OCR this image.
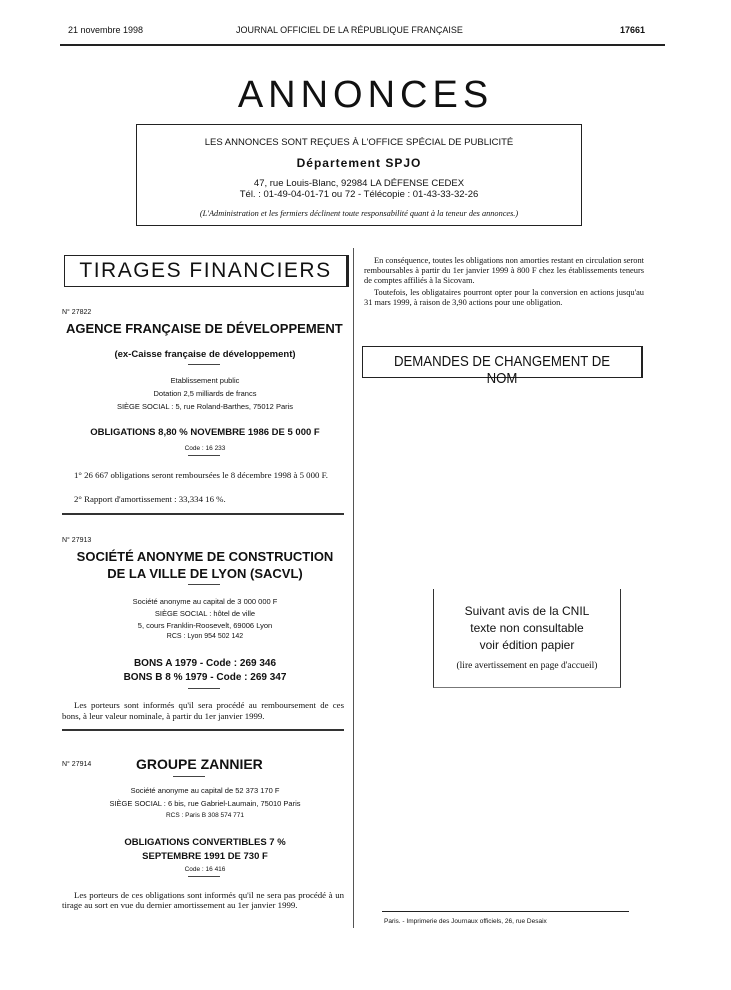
21 novembre 1998	JOURNAL OFFICIEL DE LA RÉPUBLIQUE FRANÇAISE	17661
ANNONCES
LES ANNONCES SONT REÇUES À L'OFFICE SPÉCIAL DE PUBLICITÉ
Département SPJO
47, rue Louis-Blanc, 92984 LA DÉFENSE CEDEX
Tél. : 01-49-04-01-71 ou 72 - Télécopie : 01-43-33-32-26
(L'Administration et les fermiers déclinent toute responsabilité quant à la teneur des annonces.)
TIRAGES FINANCIERS
N° 27822
AGENCE FRANÇAISE DE DÉVELOPPEMENT
(ex-Caisse française de développement)
Etablissement public
Dotation 2,5 milliards de francs
SIÈGE SOCIAL : 5, rue Roland-Barthes, 75012 Paris
OBLIGATIONS 8,80 % NOVEMBRE 1986 DE 5 000 F
Code : 16 233
1° 26 667 obligations seront remboursées le 8 décembre 1998 à 5 000 F.
2° Rapport d'amortissement : 33,334 16 %.
N° 27913
SOCIÉTÉ ANONYME DE CONSTRUCTION
DE LA VILLE DE LYON (SACVL)
Société anonyme au capital de 3 000 000 F
SIÈGE SOCIAL : hôtel de ville
5, cours Franklin-Roosevelt, 69006 Lyon
RCS : Lyon 954 502 142
BONS A 1979 - Code : 269 346
BONS B 8 % 1979 - Code : 269 347
Les porteurs sont informés qu'il sera procédé au remboursement de ces bons, à leur valeur nominale, à partir du 1er janvier 1999.
N° 27914	GROUPE ZANNIER
Société anonyme au capital de 52 373 170 F
SIÈGE SOCIAL : 6 bis, rue Gabriel-Laumain, 75010 Paris
RCS : Paris B 308 574 771
OBLIGATIONS CONVERTIBLES 7 %
SEPTEMBRE 1991 DE 730 F
Code : 16 416
Les porteurs de ces obligations sont informés qu'il ne sera pas procédé à un tirage au sort en vue du dernier amortissement au 1er janvier 1999.
En conséquence, toutes les obligations non amorties restant en circulation seront remboursables à partir du 1er janvier 1999 à 800 F chez les établissements teneurs de comptes affiliés à la Sicovam.
Toutefois, les obligataires pourront opter pour la conversion en actions jusqu'au 31 mars 1999, à raison de 3,90 actions pour une obligation.
DEMANDES DE CHANGEMENT DE NOM
Suivant avis de la CNIL
texte non consultable
voir édition papier
(lire avertissement en page d'accueil)
Paris. - Imprimerie des Journaux officiels, 26, rue Desaix
